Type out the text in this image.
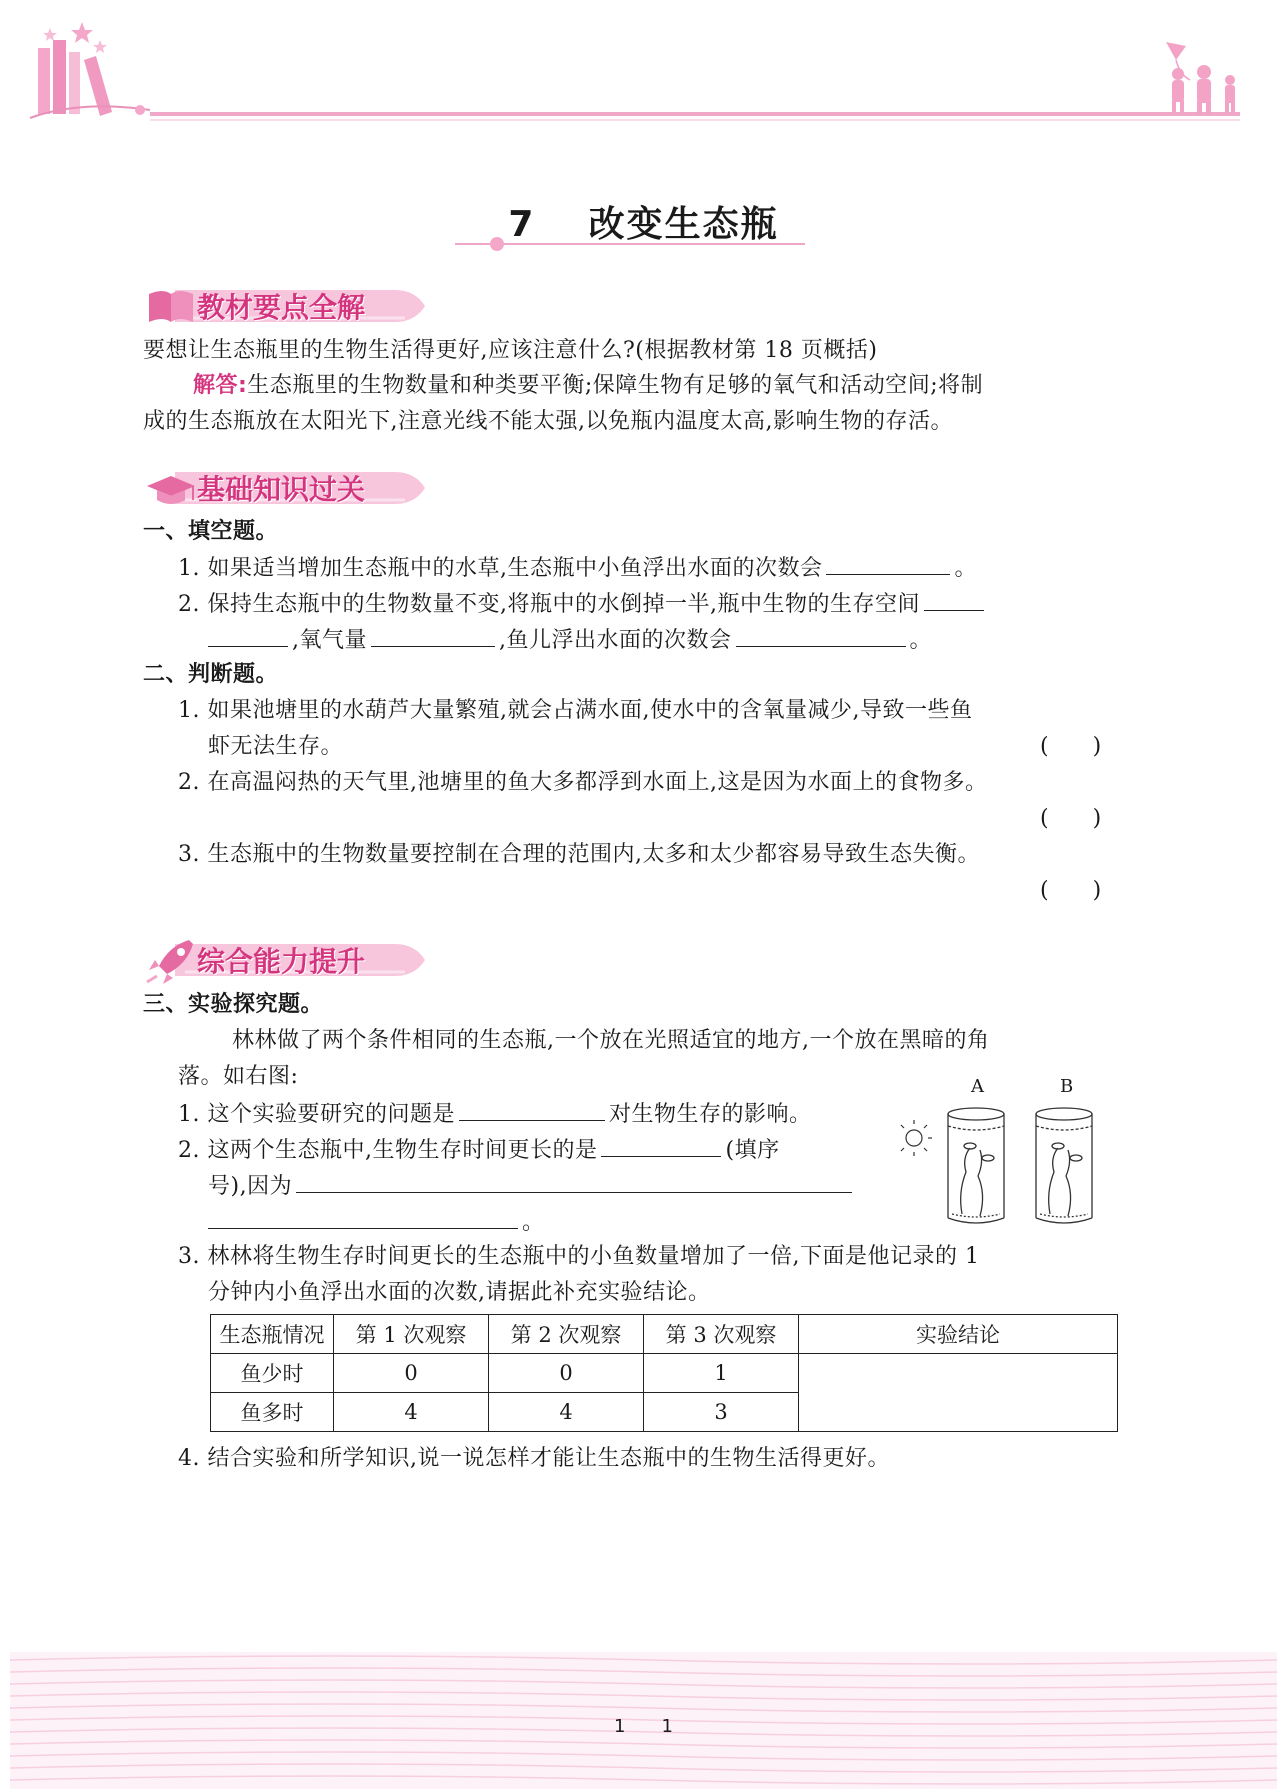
7 改变生态瓶
教材要点全解
要想让生态瓶里的生物生活得更好,应该注意什么?(根据教材第 18 页概括)
解答:生态瓶里的生物数量和种类要平衡;保障生物有足够的氧气和活动空间;将制
成的生态瓶放在太阳光下,注意光线不能太强,以免瓶内温度太高,影响生物的存活。
基础知识过关
一、填空题。
1. 如果适当增加生态瓶中的水草,生态瓶中小鱼浮出水面的次数会	。
2. 保持生态瓶中的生物数量不变,将瓶中的水倒掉一半,瓶中生物的生存空间
,氧气量	,鱼儿浮出水面的次数会	。
二、判断题。
1. 如果池塘里的水葫芦大量繁殖,就会占满水面,使水中的含氧量减少,导致一些鱼
虾无法生存。	(　　)
2. 在高温闷热的天气里,池塘里的鱼大多都浮到水面上,这是因为水面上的食物多。
(　　)
3. 生态瓶中的生物数量要控制在合理的范围内,太多和太少都容易导致生态失衡。
(　　)
综合能力提升
三、实验探究题。
林林做了两个条件相同的生态瓶,一个放在光照适宜的地方,一个放在黑暗的角
落。如右图:
1. 这个实验要研究的问题是	对生物生存的影响。
2. 这两个生态瓶中,生物生存时间更长的是	(填序
号),因为
。
A	B
3. 林林将生物生存时间更长的生态瓶中的小鱼数量增加了一倍,下面是他记录的 1
分钟内小鱼浮出水面的次数,请据此补充实验结论。
生态瓶情况	第 1 次观察	第 2 次观察	第 3 次观察	实验结论
鱼少时	0	0	1	
鱼多时	4	4	3	
4. 结合实验和所学知识,说一说怎样才能让生态瓶中的生物生活得更好。
1　　1
